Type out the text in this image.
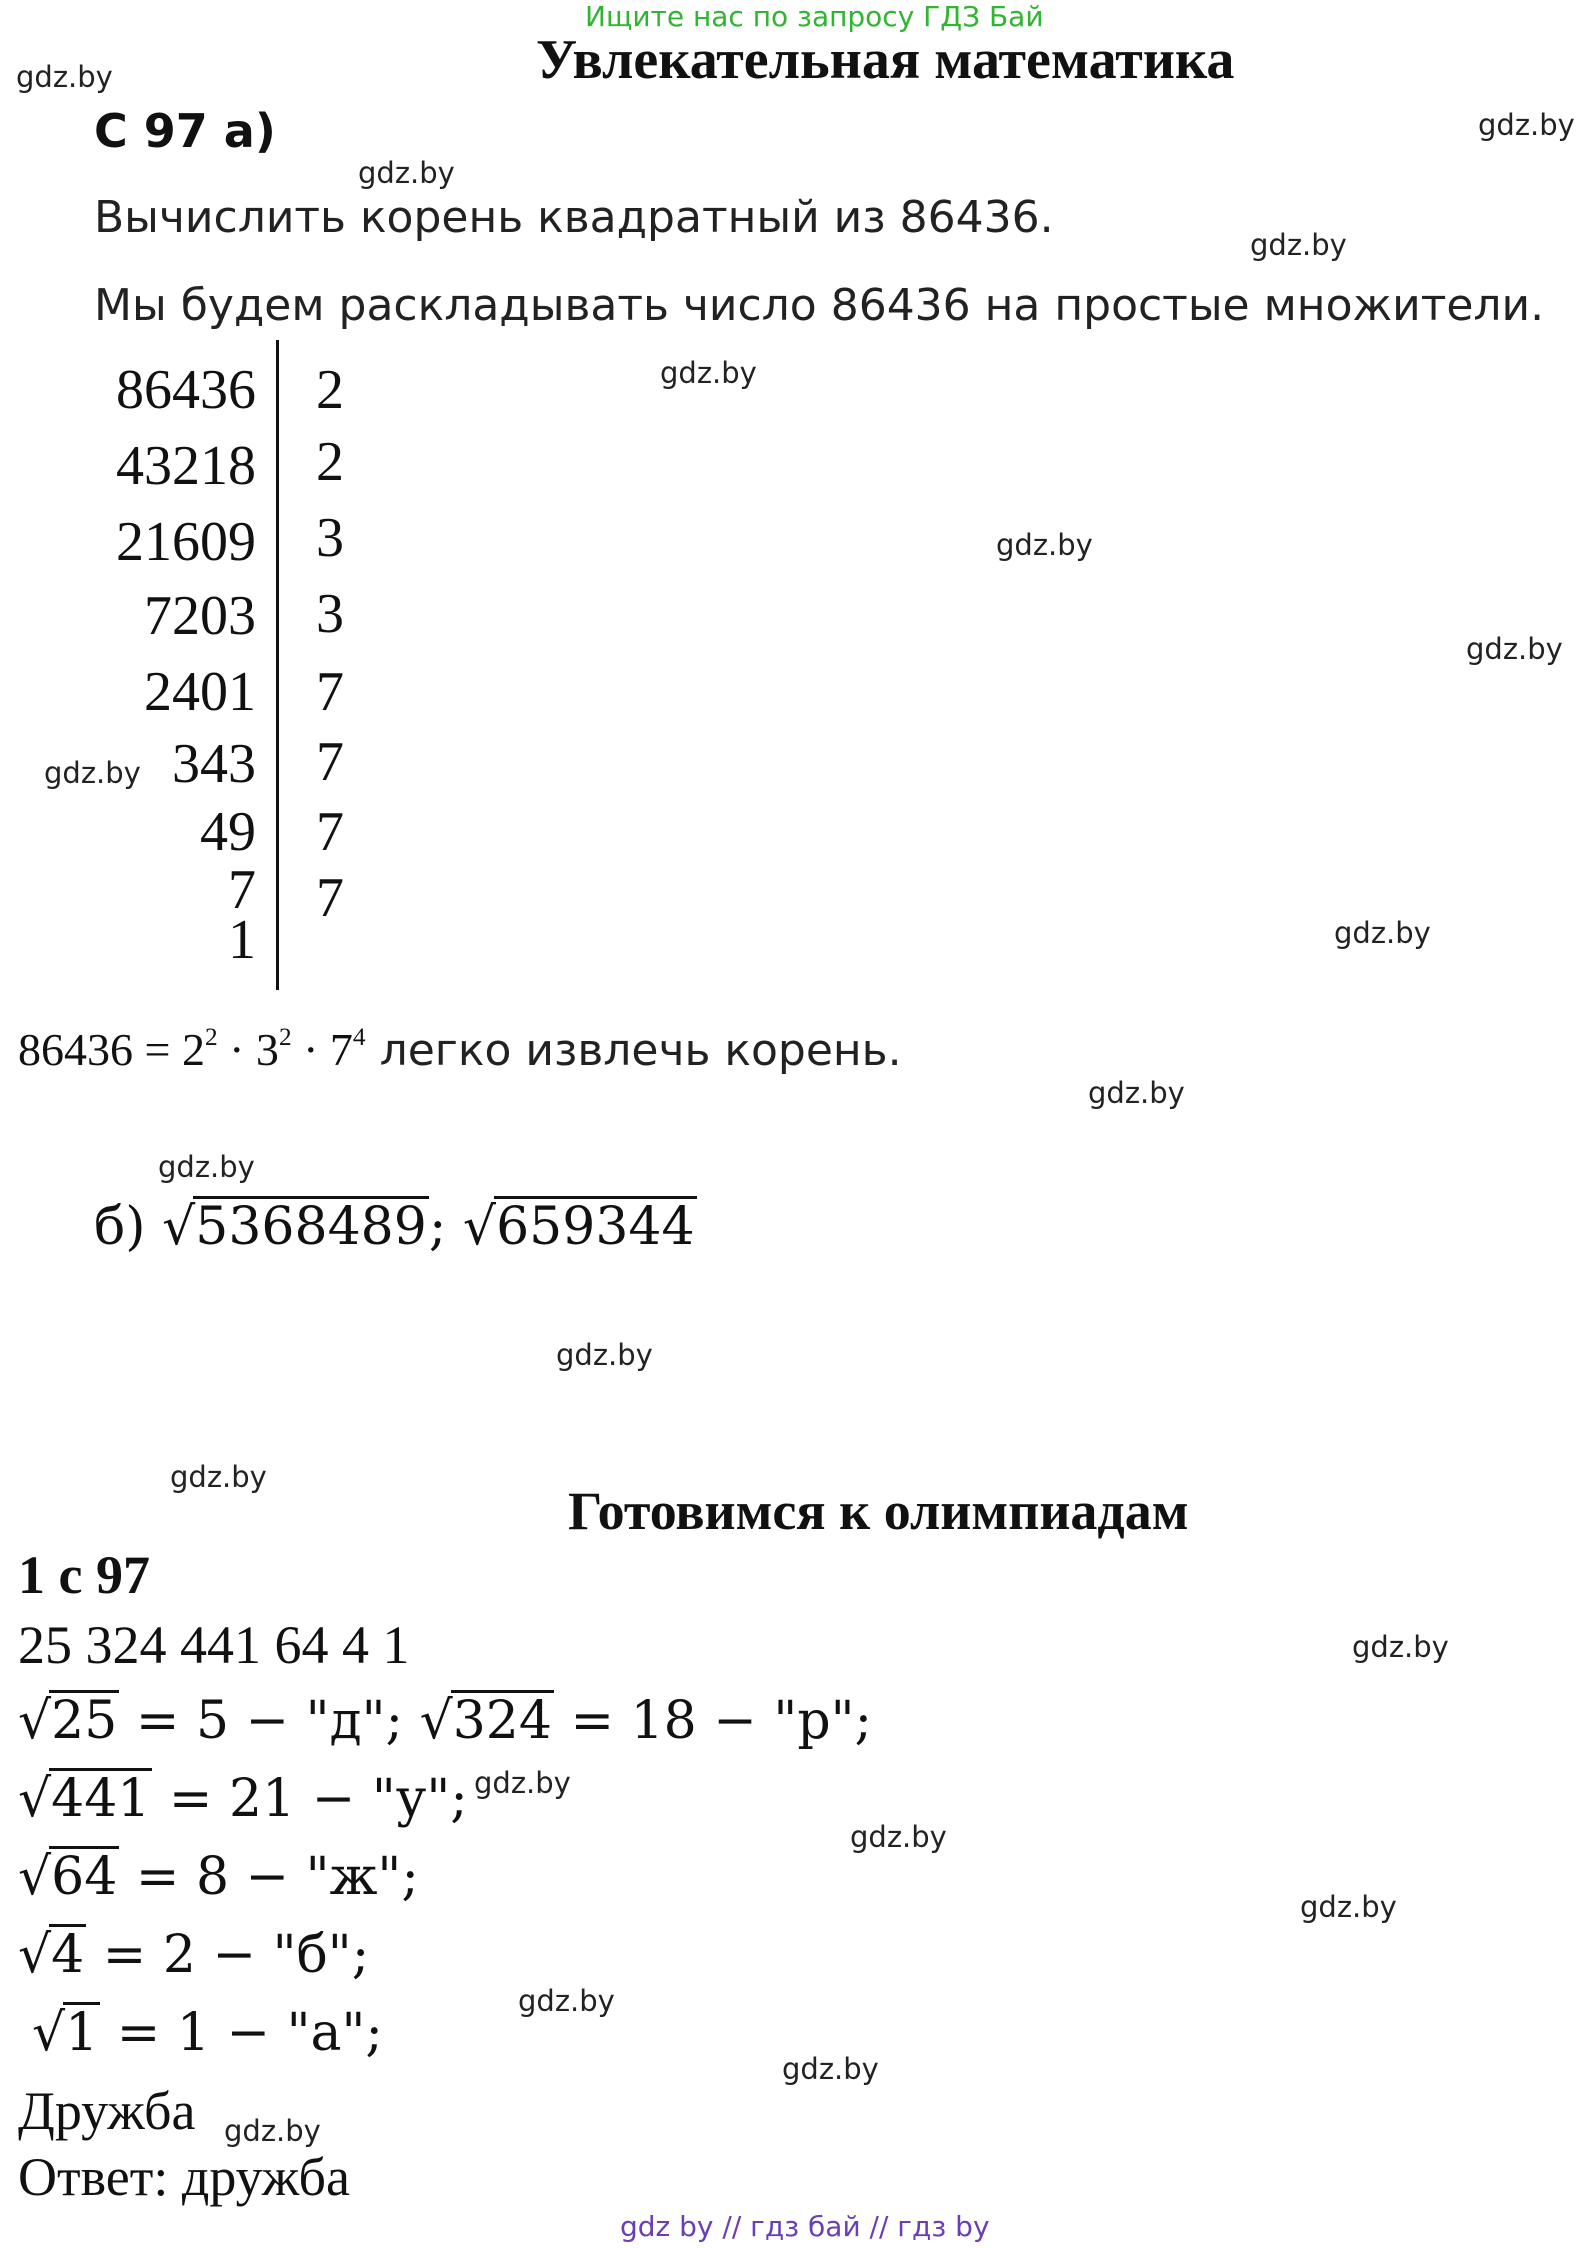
Ищите нас по запросу ГДЗ Бай
Увлекательная математика
gdz.by
gdz.by
gdz.by
gdz.by
gdz.by
gdz.by
gdz.by
gdz.by
gdz.by
gdz.by
gdz.by
gdz.by
gdz.by
gdz.by
gdz.by
gdz.by
gdz.by
gdz.by
gdz.by
gdz.by
С 97 а)
Вычислить корень квадратный из 86436.
Мы будем раскладывать число 86436 на простые множители.
86436
43218
21609
7203
2401
343
49
7
1
2
2
3
3
7
7
7
7
$86436 = 2^2 \cdot 3^2 \cdot 7^4$ легко извлечь корень.
б) √5368489; √659344
Готовимся к олимпиадам
1 с 97
25 324 441 64 4 1
√25 = 5 − "д"; √324 = 18 − "р";
√441 = 21 − "у";
√64 = 8 − "ж";
√4 = 2 − "б";
√1 = 1 − "а";
Дружба
Ответ: дружба
gdz by // гдз бай // гдз by
